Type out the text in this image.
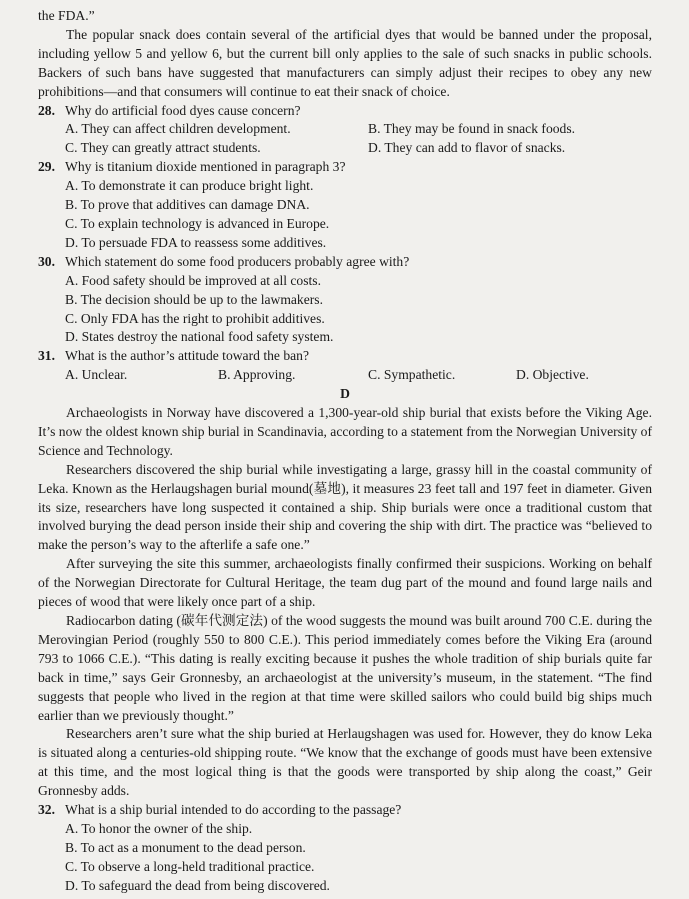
the FDA.”

The popular snack does contain several of the artificial dyes that would be banned under the proposal, including yellow 5 and yellow 6, but the current bill only applies to the sale of such snacks in public schools. Backers of such bans have suggested that manufacturers can simply adjust their recipes to obey any new prohibitions—and that consumers will continue to eat their snack of choice.

28. Why do artificial food dyes cause concern?
A. They can affect children development.	B. They may be found in snack foods.
C. They can greatly attract students.	D. They can add to flavor of snacks.
29. Why is titanium dioxide mentioned in paragraph 3?
A. To demonstrate it can produce bright light.
B. To prove that additives can damage DNA.
C. To explain technology is advanced in Europe.
D. To persuade FDA to reassess some additives.
30. Which statement do some food producers probably agree with?
A. Food safety should be improved at all costs.
B. The decision should be up to the lawmakers.
C. Only FDA has the right to prohibit additives.
D. States destroy the national food safety system.
31. What is the author’s attitude toward the ban?
A. Unclear.	B. Approving.	C. Sympathetic.	D. Objective.
D

Archaeologists in Norway have discovered a 1,300-year-old ship burial that exists before the Viking Age. It’s now the oldest known ship burial in Scandinavia, according to a statement from the Norwegian University of Science and Technology.

Researchers discovered the ship burial while investigating a large, grassy hill in the coastal community of Leka. Known as the Herlaugshagen burial mound(墓地), it measures 23 feet tall and 197 feet in diameter. Given its size, researchers have long suspected it contained a ship. Ship burials were once a traditional custom that involved burying the dead person inside their ship and covering the ship with dirt. The practice was “believed to make the person’s way to the afterlife a safe one.”

After surveying the site this summer, archaeologists finally confirmed their suspicions. Working on behalf of the Norwegian Directorate for Cultural Heritage, the team dug part of the mound and found large nails and pieces of wood that were likely once part of a ship.

Radiocarbon dating (碳年代测定法) of the wood suggests the mound was built around 700 C.E. during the Merovingian Period (roughly 550 to 800 C.E.). This period immediately comes before the Viking Era (around 793 to 1066 C.E.). “This dating is really exciting because it pushes the whole tradition of ship burials quite far back in time,” says Geir Gronnesby, an archaeologist at the university’s museum, in the statement. “The find suggests that people who lived in the region at that time were skilled sailors who could build big ships much earlier than we previously thought.”

Researchers aren’t sure what the ship buried at Herlaugshagen was used for. However, they do know Leka is situated along a centuries-old shipping route. “We know that the exchange of goods must have been extensive at this time, and the most logical thing is that the goods were transported by ship along the coast,” Geir Gronnesby adds.

32. What is a ship burial intended to do according to the passage?
A. To honor the owner of the ship.
B. To act as a monument to the dead person.
C. To observe a long-held traditional practice.
D. To safeguard the dead from being discovered.
